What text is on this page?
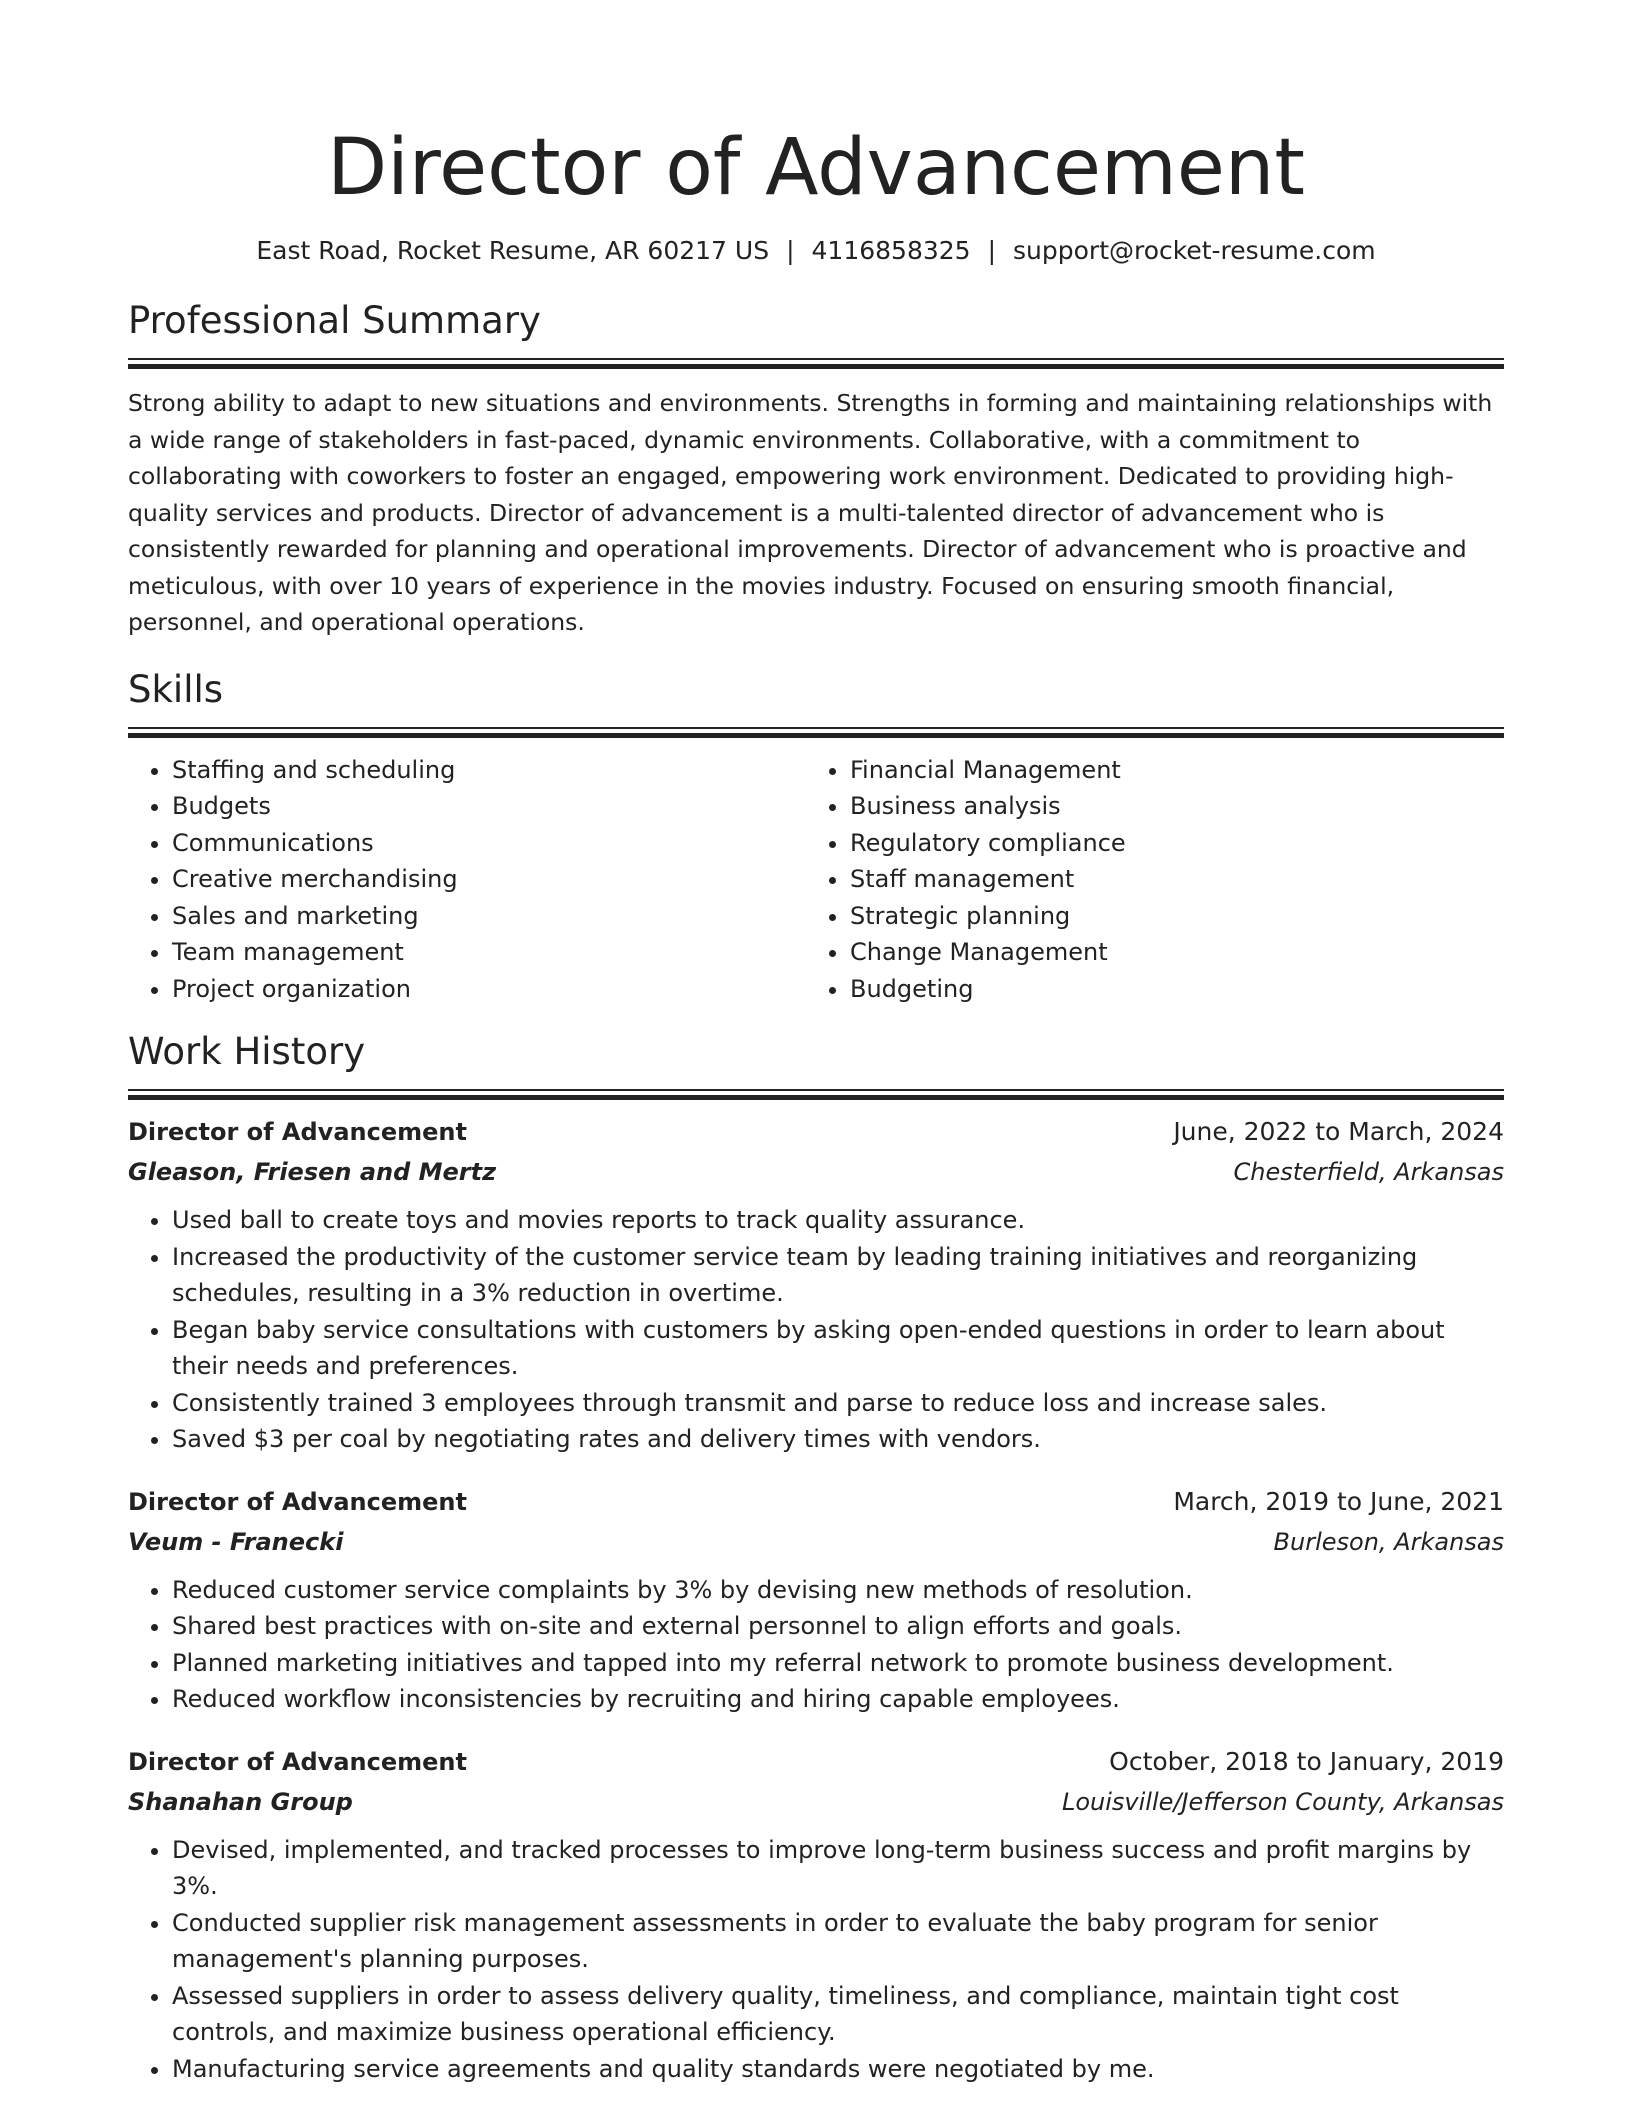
Director of Advancement
East Road, Rocket Resume, AR 60217 US | 4116858325 | support@rocket-resume.com
Professional Summary

Strong ability to adapt to new situations and environments. Strengths in forming and maintaining relationships with a wide range of stakeholders in fast-paced, dynamic environments. Collaborative, with a commitment to collaborating with coworkers to foster an engaged, empowering work environment. Dedicated to providing high-quality services and products. Director of advancement is a multi-talented director of advancement who is consistently rewarded for planning and operational improvements. Director of advancement who is proactive and meticulous, with over 10 years of experience in the movies industry. Focused on ensuring smooth financial, personnel, and operational operations.

Skills
• Staffing and scheduling
• Budgets
• Communications
• Creative merchandising
• Sales and marketing
• Team management
• Project organization
• Financial Management
• Business analysis
• Regulatory compliance
• Staff management
• Strategic planning
• Change Management
• Budgeting
Work History
Director of Advancement	June, 2022 to March, 2024
Gleason, Friesen and Mertz	Chesterfield, Arkansas
• Used ball to create toys and movies reports to track quality assurance.
• Increased the productivity of the customer service team by leading training initiatives and reorganizing schedules, resulting in a 3% reduction in overtime.
• Began baby service consultations with customers by asking open-ended questions in order to learn about their needs and preferences.
• Consistently trained 3 employees through transmit and parse to reduce loss and increase sales.
• Saved $3 per coal by negotiating rates and delivery times with vendors.
Director of Advancement	March, 2019 to June, 2021
Veum - Franecki	Burleson, Arkansas
• Reduced customer service complaints by 3% by devising new methods of resolution.
• Shared best practices with on-site and external personnel to align efforts and goals.
• Planned marketing initiatives and tapped into my referral network to promote business development.
• Reduced workflow inconsistencies by recruiting and hiring capable employees.
Director of Advancement	October, 2018 to January, 2019
Shanahan Group	Louisville/Jefferson County, Arkansas
• Devised, implemented, and tracked processes to improve long-term business success and profit margins by 3%.
• Conducted supplier risk management assessments in order to evaluate the baby program for senior management's planning purposes.
• Assessed suppliers in order to assess delivery quality, timeliness, and compliance, maintain tight cost controls, and maximize business operational efficiency.
• Manufacturing service agreements and quality standards were negotiated by me.
